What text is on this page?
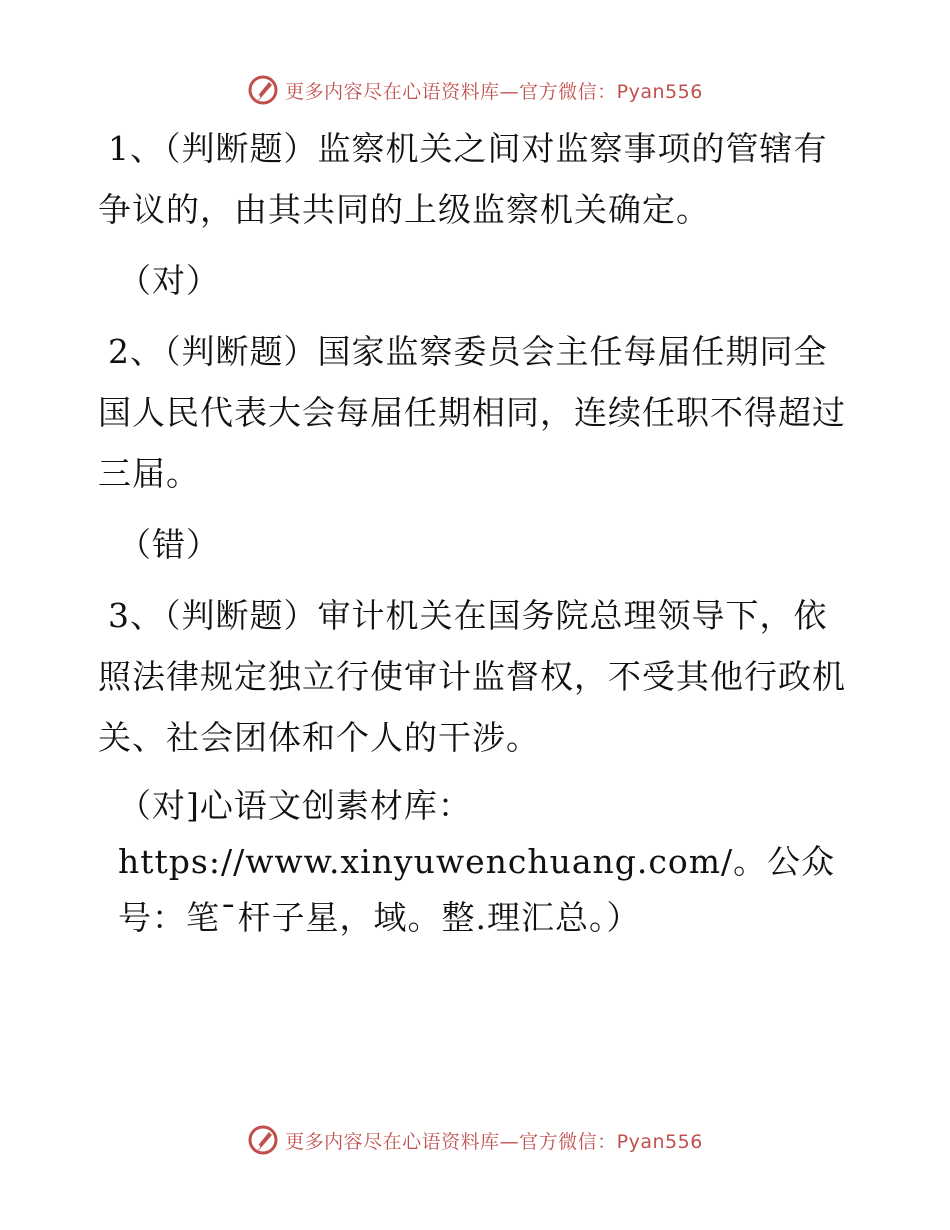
更多内容尽在心语资料库—官方微信：Pyan556

1、（判断题）监察机关之间对监察事项的管辖有争议的，由其共同的上级监察机关确定。

（对）

2、（判断题）国家监察委员会主任每届任期同全国人民代表大会每届任期相同，连续任职不得超过三届。

（错）

3、（判断题）审计机关在国务院总理领导下，依照法律规定独立行使审计监督权，不受其他行政机关、社会团体和个人的干涉。

（对]心语文创素材库：https://www.xinyuwenchuang.com/。公众号：笔¯杆子星，域。整.理汇总。）

更多内容尽在心语资料库—官方微信：Pyan556
